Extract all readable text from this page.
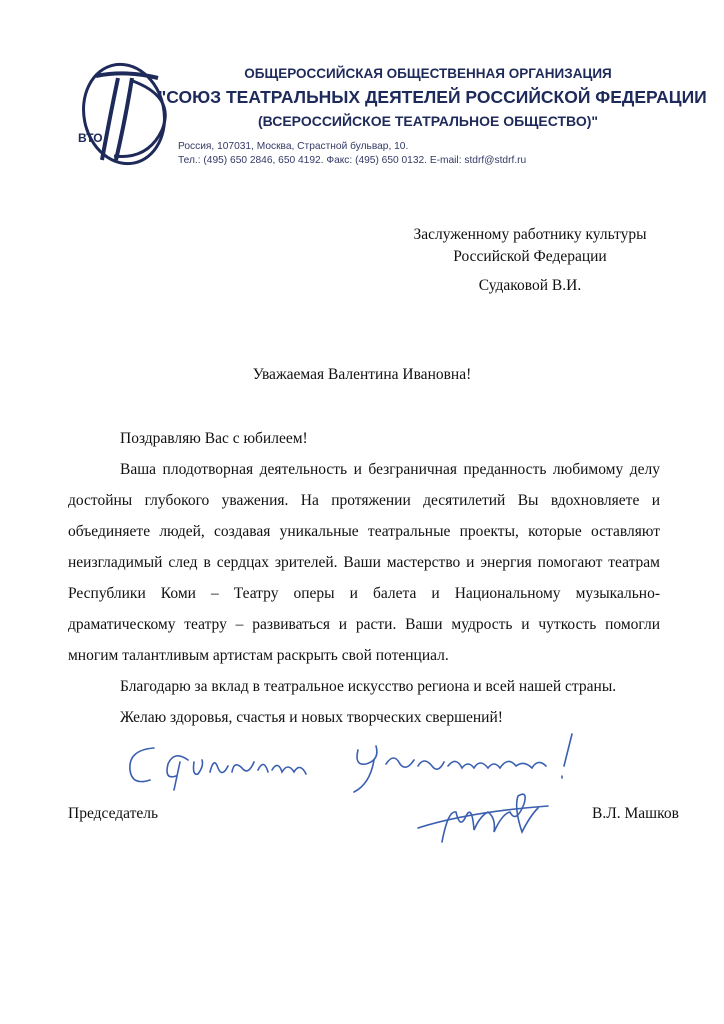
ВТО
ОБЩЕРОССИЙСКАЯ ОБЩЕСТВЕННАЯ ОРГАНИЗАЦИЯ
"СОЮЗ ТЕАТРАЛЬНЫХ ДЕЯТЕЛЕЙ РОССИЙСКОЙ ФЕДЕРАЦИИ
(ВСЕРОССИЙСКОЕ ТЕАТРАЛЬНОЕ ОБЩЕСТВО)"
Россия, 107031, Москва, Страстной бульвар, 10.
Тел.: (495) 650 2846, 650 4192. Факс: (495) 650 0132. E-mail: stdrf@stdrf.ru
Заслуженному работнику культуры
Российской Федерации
Судаковой В.И.
Уважаемая Валентина Ивановна!

Поздравляю Вас с юбилеем!

Ваша плодотворная деятельность и безграничная преданность любимому делу достойны глубокого уважения. На протяжении десятилетий Вы вдохновляете и объединяете людей, создавая уникальные театральные проекты, которые оставляют неизгладимый след в сердцах зрителей. Ваши мастерство и энергия помогают театрам Республики Коми – Театру оперы и балета и Национальному музыкально-драматическому театру – развиваться и расти. Ваши мудрость и чуткость помогли многим талантливым артистам раскрыть свой потенциал.

Благодарю за вклад в театральное искусство региона и всей нашей страны.

Желаю здоровья, счастья и новых творческих свершений!

Председатель	В.Л. Машков
